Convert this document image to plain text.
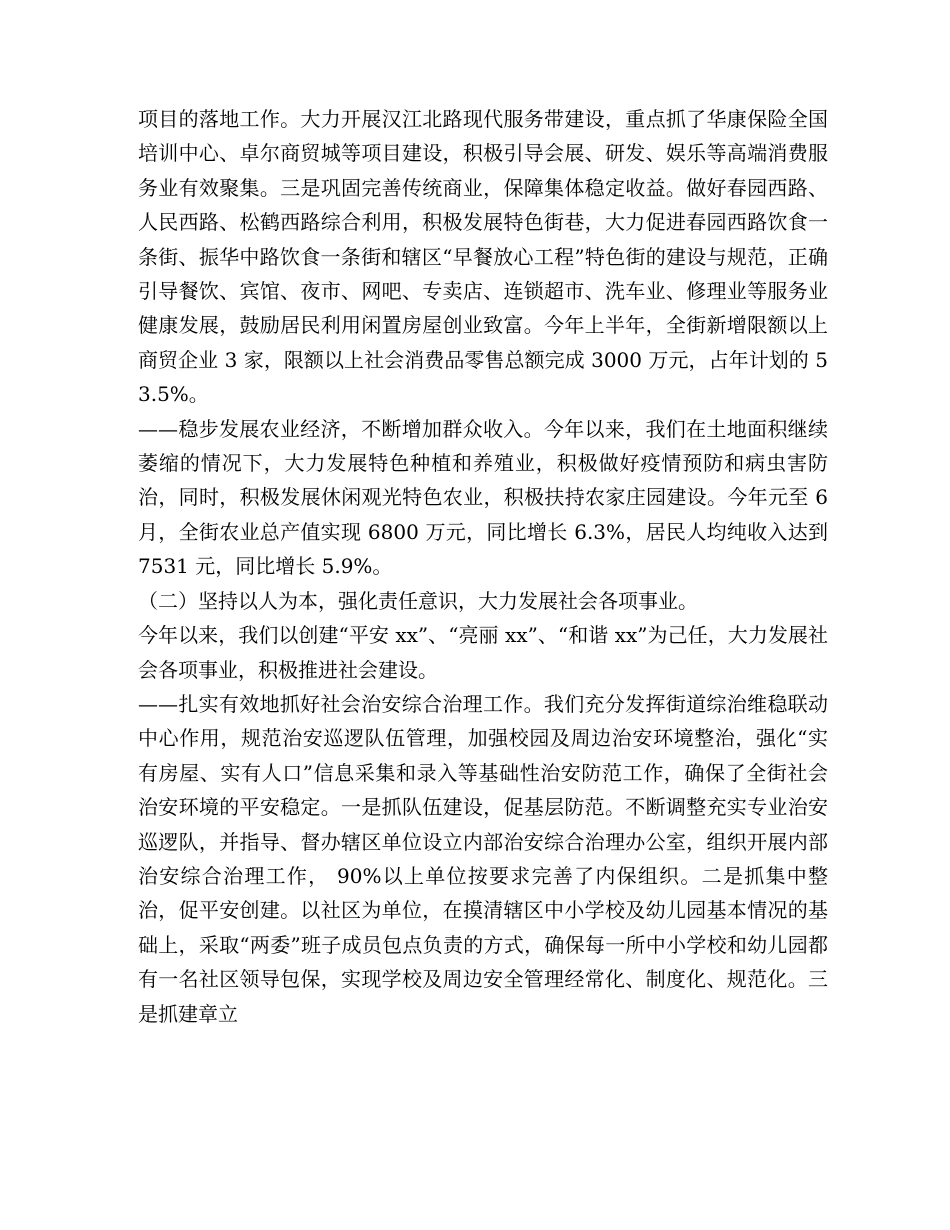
项目的落地工作。大力开展汉江北路现代服务带建设，重点抓了华康保险全国培训中心、卓尔商贸城等项目建设，积极引导会展、研发、娱乐等高端消费服务业有效聚集。三是巩固完善传统商业，保障集体稳定收益。做好春园西路、人民西路、松鹤西路综合利用，积极发展特色街巷，大力促进春园西路饮食一条街、振华中路饮食一条街和辖区“早餐放心工程”特色街的建设与规范，正确引导餐饮、宾馆、夜市、网吧、专卖店、连锁超市、洗车业、修理业等服务业健康发展，鼓励居民利用闲置房屋创业致富。今年上半年，全街新增限额以上商贸企业 3 家，限额以上社会消费品零售总额完成 3000 万元，占年计划的 53.5%。

——稳步发展农业经济，不断增加群众收入。今年以来，我们在土地面积继续萎缩的情况下，大力发展特色种植和养殖业，积极做好疫情预防和病虫害防治，同时，积极发展休闲观光特色农业，积极扶持农家庄园建设。今年元至 6 月，全街农业总产值实现 6800 万元，同比增长 6.3%，居民人均纯收入达到 7531 元，同比增长 5.9%。

（二）坚持以人为本，强化责任意识，大力发展社会各项事业。

今年以来，我们以创建“平安 xx”、“亮丽 xx”、“和谐 xx”为己任，大力发展社会各项事业，积极推进社会建设。

——扎实有效地抓好社会治安综合治理工作。我们充分发挥街道综治维稳联动中心作用，规范治安巡逻队伍管理，加强校园及周边治安环境整治，强化“实有房屋、实有人口”信息采集和录入等基础性治安防范工作，确保了全街社会治安环境的平安稳定。一是抓队伍建设，促基层防范。不断调整充实专业治安巡逻队，并指导、督办辖区单位设立内部治安综合治理办公室，组织开展内部治安综合治理工作， 90%以上单位按要求完善了内保组织。二是抓集中整治，促平安创建。以社区为单位，在摸清辖区中小学校及幼儿园基本情况的基础上，采取“两委”班子成员包点负责的方式，确保每一所中小学校和幼儿园都有一名社区领导包保，实现学校及周边安全管理经常化、制度化、规范化。三是抓建章立
